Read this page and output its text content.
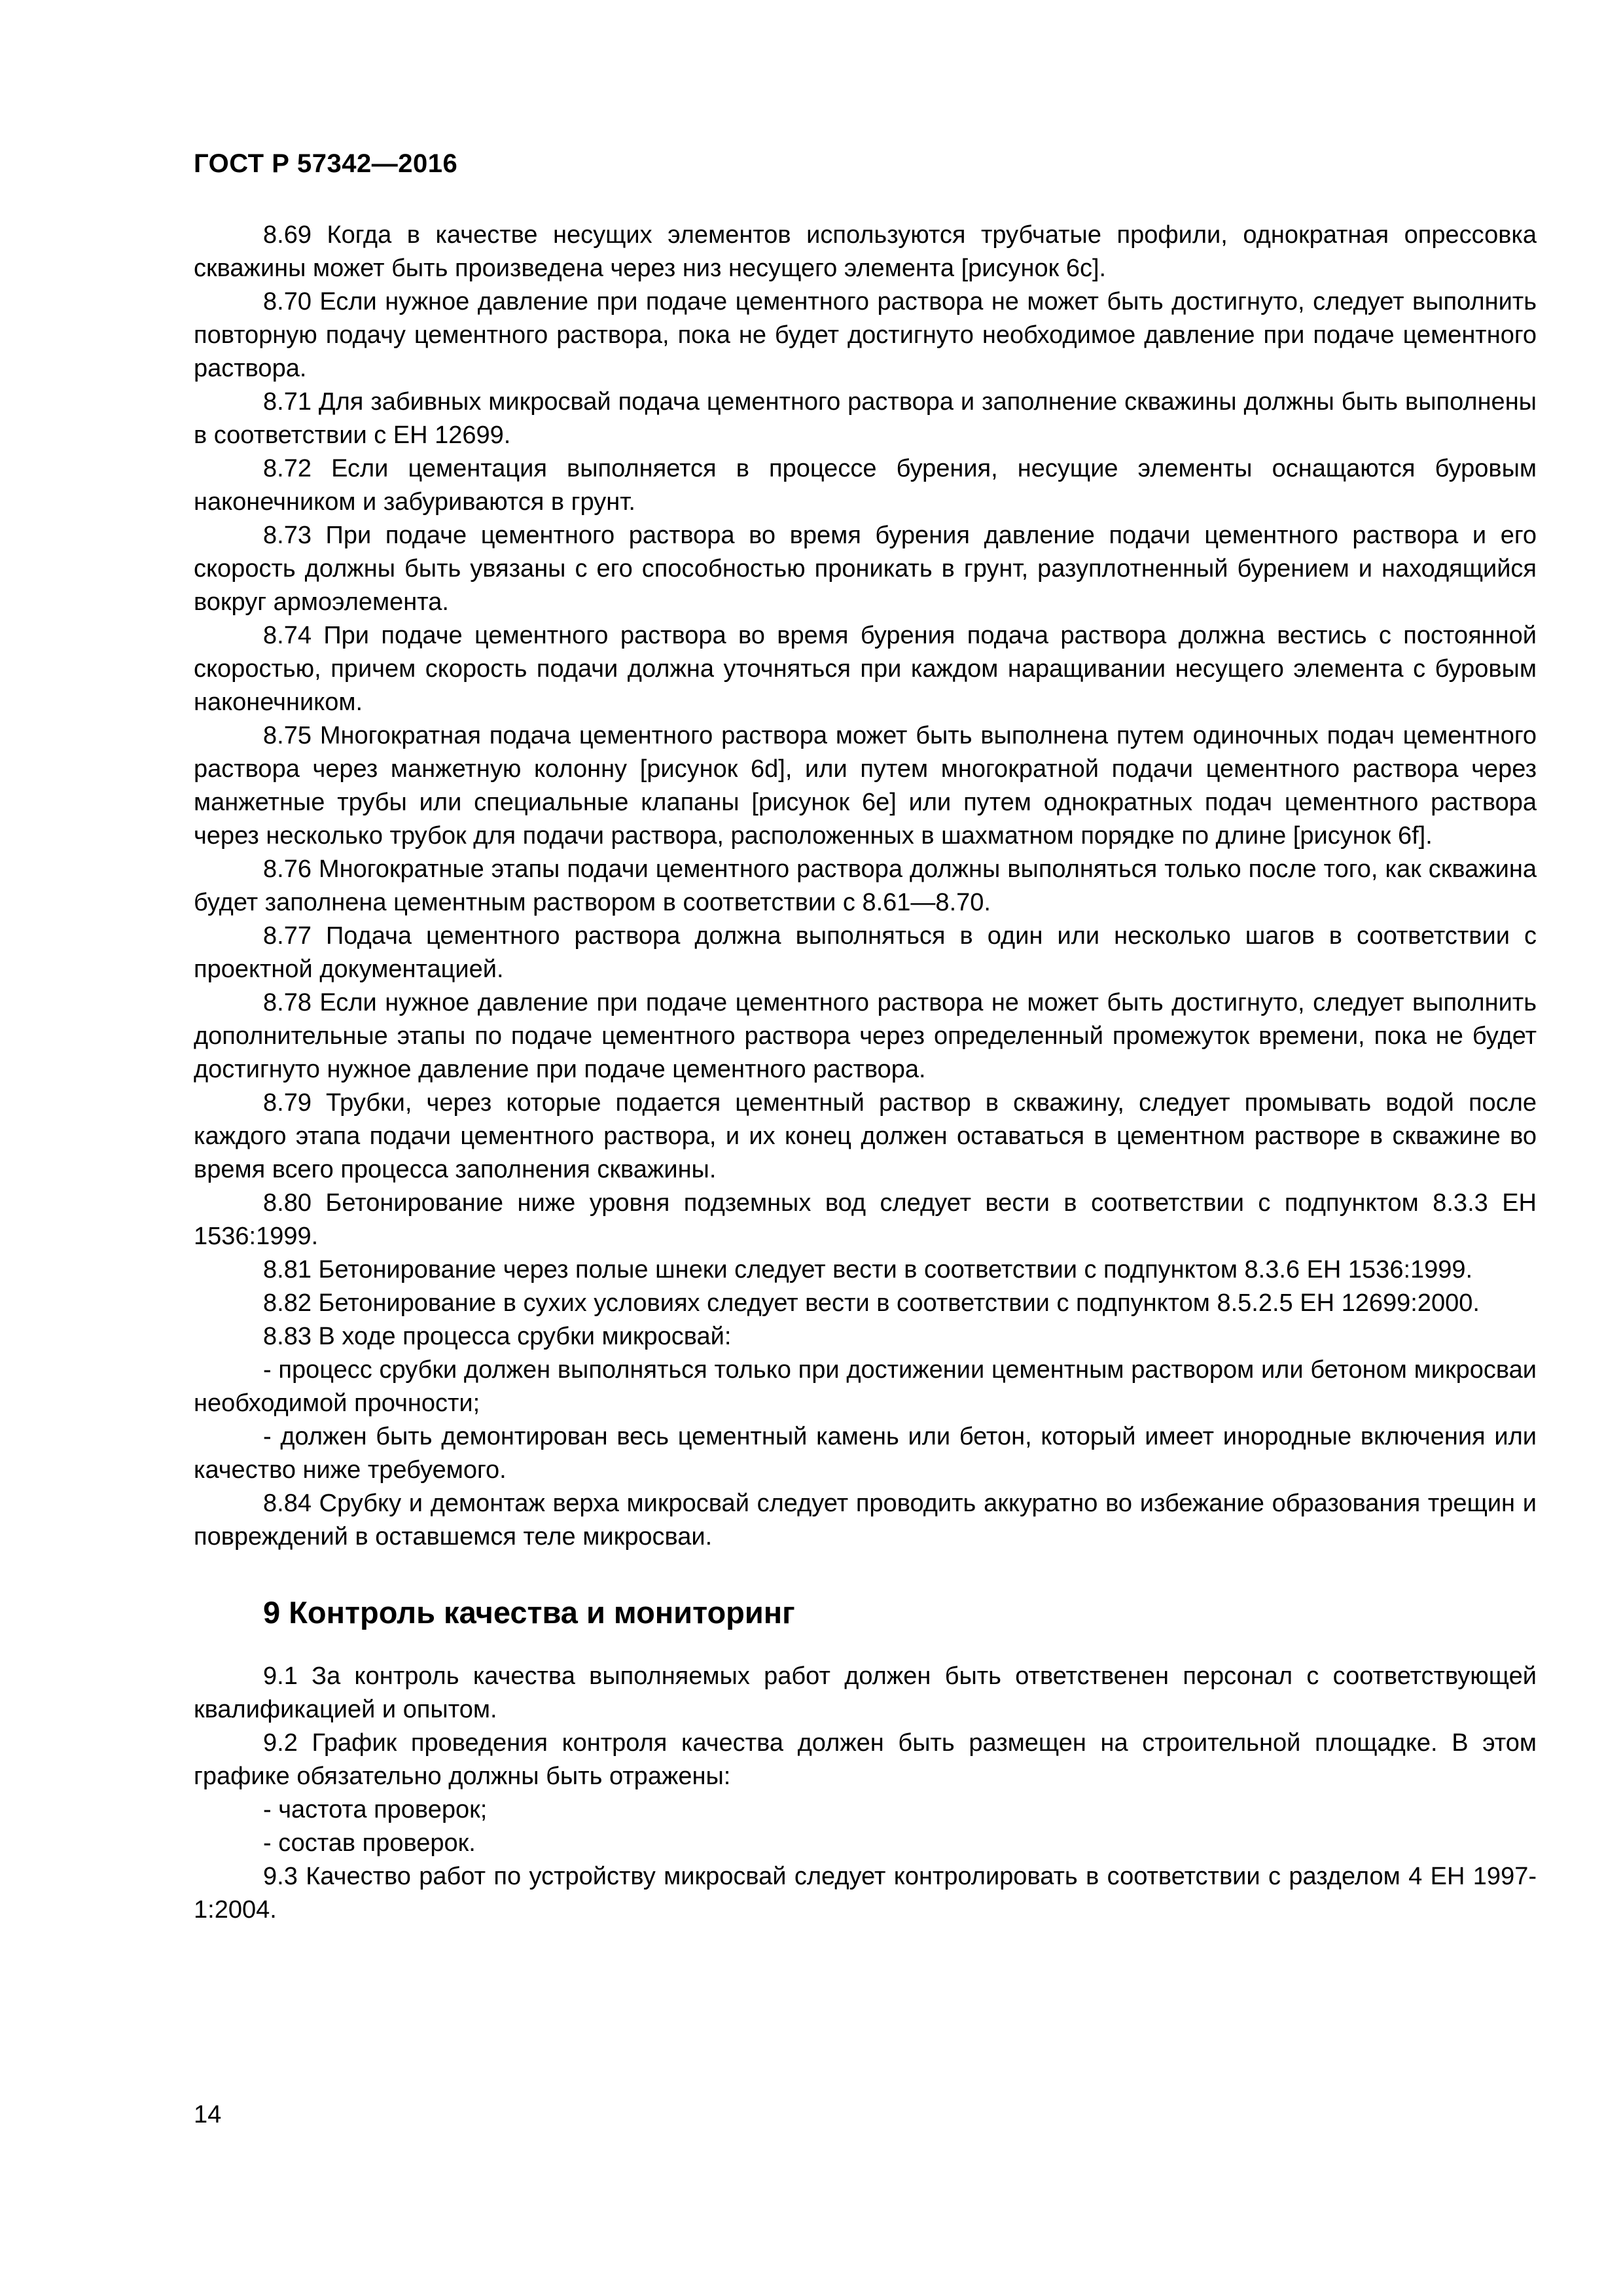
ГОСТ Р 57342—2016

8.69 Когда в качестве несущих элементов используются трубчатые профили, однократная опрессовка скважины может быть произведена через низ несущего элемента [рисунок 6c].

8.70 Если нужное давление при подаче цементного раствора не может быть достигнуто, следует выполнить повторную подачу цементного раствора, пока не будет достигнуто необходимое давление при подаче цементного раствора.

8.71 Для забивных микросвай подача цементного раствора и заполнение скважины должны быть выполнены в соответствии с ЕН 12699.

8.72 Если цементация выполняется в процессе бурения, несущие элементы оснащаются буровым наконечником и забуриваются в грунт.

8.73 При подаче цементного раствора во время бурения давление подачи цементного раствора и его скорость должны быть увязаны с его способностью проникать в грунт, разуплотненный бурением и находящийся вокруг армоэлемента.

8.74 При подаче цементного раствора во время бурения подача раствора должна вестись с постоянной скоростью, причем скорость подачи должна уточняться при каждом наращивании несущего элемента с буровым наконечником.

8.75 Многократная подача цементного раствора может быть выполнена путем одиночных подач цементного раствора через манжетную колонну [рисунок 6d], или путем многократной подачи цементного раствора через манжетные трубы или специальные клапаны [рисунок 6e] или путем однократных подач цементного раствора через несколько трубок для подачи раствора, расположенных в шахматном порядке по длине [рисунок 6f].

8.76 Многократные этапы подачи цементного раствора должны выполняться только после того, как скважина будет заполнена цементным раствором в соответствии с 8.61—8.70.

8.77 Подача цементного раствора должна выполняться в один или несколько шагов в соответствии с проектной документацией.

8.78 Если нужное давление при подаче цементного раствора не может быть достигнуто, следует выполнить дополнительные этапы по подаче цементного раствора через определенный промежуток времени, пока не будет достигнуто нужное давление при подаче цементного раствора.

8.79 Трубки, через которые подается цементный раствор в скважину, следует промывать водой после каждого этапа подачи цементного раствора, и их конец должен оставаться в цементном растворе в скважине во время всего процесса заполнения скважины.

8.80 Бетонирование ниже уровня подземных вод следует вести в соответствии с подпунктом 8.3.3 ЕН 1536:1999.

8.81 Бетонирование через полые шнеки следует вести в соответствии с подпунктом 8.3.6 ЕН 1536:1999.

8.82 Бетонирование в сухих условиях следует вести в соответствии с подпунктом 8.5.2.5 ЕН 12699:2000.

8.83 В ходе процесса срубки микросвай:

- процесс срубки должен выполняться только при достижении цементным раствором или бетоном микросваи необходимой прочности;

- должен быть демонтирован весь цементный камень или бетон, который имеет инородные включения или качество ниже требуемого.

8.84 Срубку и демонтаж верха микросвай следует проводить аккуратно во избежание образования трещин и повреждений в оставшемся теле микросваи.

9 Контроль качества и мониторинг

9.1 За контроль качества выполняемых работ должен быть ответственен персонал с соответствующей квалификацией и опытом.

9.2 График проведения контроля качества должен быть размещен на строительной площадке. В этом графике обязательно должны быть отражены:

- частота проверок;

- состав проверок.

9.3 Качество работ по устройству микросвай следует контролировать в соответствии с разделом 4 ЕН 1997-1:2004.

14
